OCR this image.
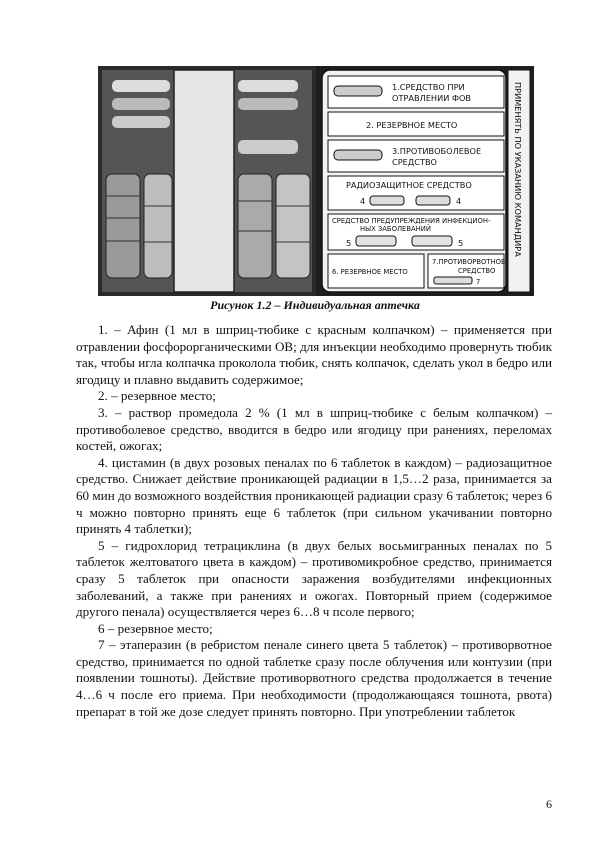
1.СРЕДСТВО ПРИ
ОТРАВЛЕНИИ ФОВ
2. РЕЗЕРВНОЕ МЕСТО
3.ПРОТИВОБОЛЕВОЕ
СРЕДСТВО
РАДИОЗАЩИТНОЕ СРЕДСТВО
4	4
СРЕДСТВО ПРЕДУПРЕЖДЕНИЯ ИНФЕКЦИОН-
НЫХ ЗАБОЛЕВАНИЙ
5	5
6. РЕЗЕРВНОЕ МЕСТО
7.ПРОТИВОРВОТНОЕ
СРЕДСТВО
7
ПРИМЕНЯТЬ ПО УКАЗАНИЮ КОМАНДИРА
Рисунок 1.2 – Индивидуальная аптечка

1. – Афин (1 мл в шприц-тюбике с красным колпачком) – применяется при отравлении фосфорорганическими ОВ; для инъекции необходимо провернуть тюбик так, чтобы игла колпачка проколола тюбик, снять колпачок, сделать укол в бедро или ягодицу и плавно выдавить содержимое;

2. – резервное место;

3. – раствор промедола 2 % (1 мл в шприц-тюбике с белым колпачком) – противоболевое средство, вводится в бедро или ягодицу при ранениях, переломах костей, ожогах;

4. цистамин (в двух розовых пеналах по 6 таблеток в каждом) – радиозащитное средство. Снижает действие проникающей радиации в 1,5…2 раза, принимается за 60 мин до возможного воздействия проникающей радиации сразу 6 таблеток; через 6 ч можно повторно принять еще 6 таблеток (при сильном укачивании повторно принять 4 таблетки);

5 – гидрохлорид тетрациклина (в двух белых восьмигранных пеналах по 5 таблеток желтоватого цвета в каждом) – противомикробное средство, принимается сразу 5 таблеток при опасности заражения возбудителями инфекционных заболеваний, а также при ранениях и ожогах. Повторный прием (содержимое другого пенала) осуществляется через 6…8 ч псоле первого;

6 – резервное место;

7 – этаперазин (в ребристом пенале синего цвета 5 таблеток) – противорвотное средство, принимается по одной таблетке сразу после облучения или контузии (при появлении тошноты). Действие противорвотного средства продолжается в течение 4…6 ч после его приема. При необходимости (продолжающаяся тошнота, рвота) препарат в той же дозе следует принять повторно. При употреблении таблеток

6
